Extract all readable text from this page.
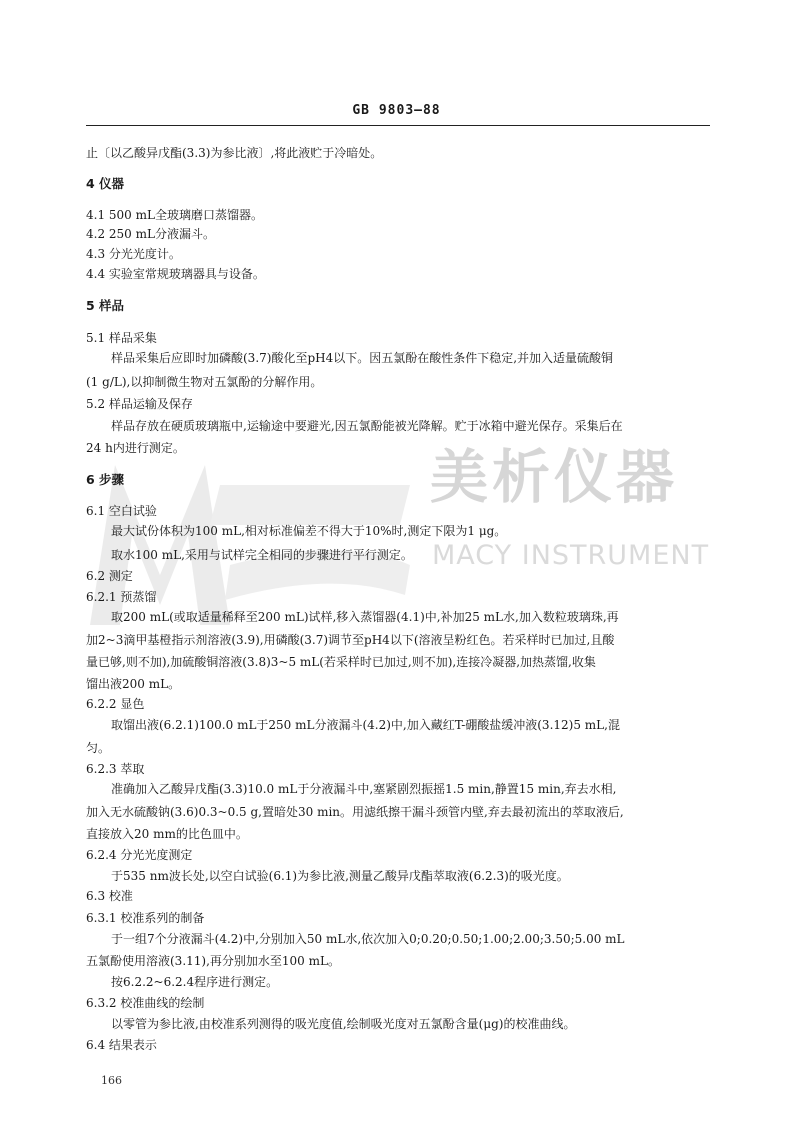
美析仪器
MACY INSTRUMENT
GB 9803—88
止〔以乙酸异戊酯(3.3)为参比液〕,将此液贮于冷暗处。
4 仪器
4.1 500 mL全玻璃磨口蒸馏器。
4.2 250 mL分液漏斗。
4.3 分光光度计。
4.4 实验室常规玻璃器具与设备。
5 样品
5.1 样品采集
样品采集后应即时加磷酸(3.7)酸化至pH4以下。因五氯酚在酸性条件下稳定,并加入适量硫酸铜
(1 g/L),以抑制微生物对五氯酚的分解作用。
5.2 样品运输及保存
样品存放在硬质玻璃瓶中,运输途中要避光,因五氯酚能被光降解。贮于冰箱中避光保存。采集后在
24 h内进行测定。
6 步骤
6.1 空白试验
最大试份体积为100 mL,相对标准偏差不得大于10%时,测定下限为1 μg。
取水100 mL,采用与试样完全相同的步骤进行平行测定。
6.2 测定
6.2.1 预蒸馏
取200 mL(或取适量稀释至200 mL)试样,移入蒸馏器(4.1)中,补加25 mL水,加入数粒玻璃珠,再
加2~3滴甲基橙指示剂溶液(3.9),用磷酸(3.7)调节至pH4以下(溶液呈粉红色。若采样时已加过,且酸
量已够,则不加),加硫酸铜溶液(3.8)3~5 mL(若采样时已加过,则不加),连接冷凝器,加热蒸馏,收集
馏出液200 mL。
6.2.2 显色
取馏出液(6.2.1)100.0 mL于250 mL分液漏斗(4.2)中,加入藏红T-硼酸盐缓冲液(3.12)5 mL,混
匀。
6.2.3 萃取
准确加入乙酸异戊酯(3.3)10.0 mL于分液漏斗中,塞紧剧烈振摇1.5 min,静置15 min,弃去水相,
加入无水硫酸钠(3.6)0.3~0.5 g,置暗处30 min。用滤纸擦干漏斗颈管内壁,弃去最初流出的萃取液后,
直接放入20 mm的比色皿中。
6.2.4 分光光度测定
于535 nm波长处,以空白试验(6.1)为参比液,测量乙酸异戊酯萃取液(6.2.3)的吸光度。
6.3 校准
6.3.1 校准系列的制备
于一组7个分液漏斗(4.2)中,分别加入50 mL水,依次加入0;0.20;0.50;1.00;2.00;3.50;5.00 mL
五氯酚使用溶液(3.11),再分别加水至100 mL。
按6.2.2~6.2.4程序进行测定。
6.3.2 校准曲线的绘制
以零管为参比液,由校准系列测得的吸光度值,绘制吸光度对五氯酚含量(μg)的校准曲线。
6.4 结果表示
166
